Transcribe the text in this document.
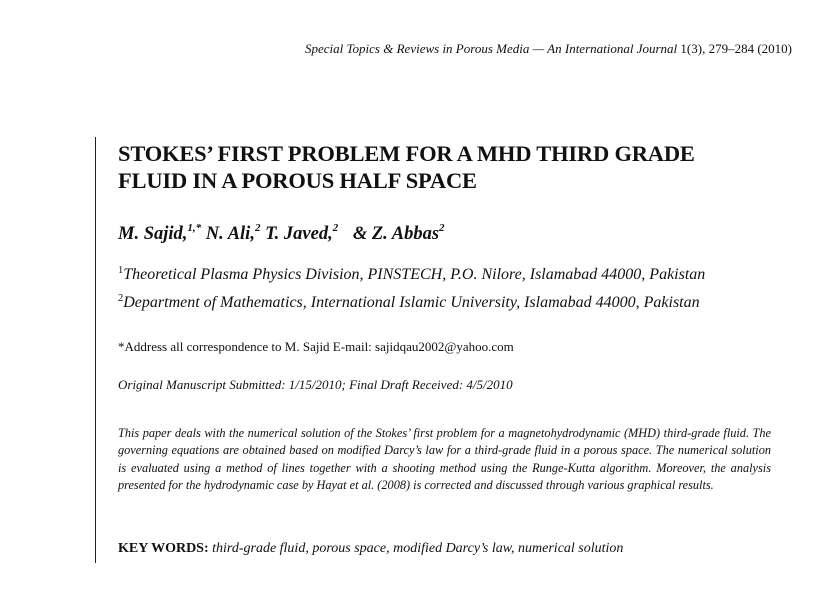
Special Topics & Reviews in Porous Media — An International Journal 1(3), 279–284 (2010)
STOKES’ FIRST PROBLEM FOR A MHD THIRD GRADE
FLUID IN A POROUS HALF SPACE
M. Sajid,$^{1,*}$ N. Ali,$^2$ T. Javed,$^2$ & Z. Abbas$^2$
$^1$Theoretical Plasma Physics Division, PINSTECH, P.O. Nilore, Islamabad 44000, Pakistan
$^2$Department of Mathematics, International Islamic University, Islamabad 44000, Pakistan
*Address all correspondence to M. Sajid E-mail: sajidqau2002@yahoo.com
Original Manuscript Submitted: 1/15/2010; Final Draft Received: 4/5/2010
This paper deals with the numerical solution of the Stokes’ first problem for a magnetohydrodynamic (MHD) third-grade fluid. The governing equations are obtained based on modified Darcy’s law for a third-grade fluid in a porous space. The numerical solution is evaluated using a method of lines together with a shooting method using the Runge-Kutta algorithm. Moreover, the analysis presented for the hydrodynamic case by Hayat et al. (2008) is corrected and discussed through various graphical results.
KEY WORDS: third-grade fluid, porous space, modified Darcy’s law, numerical solution
